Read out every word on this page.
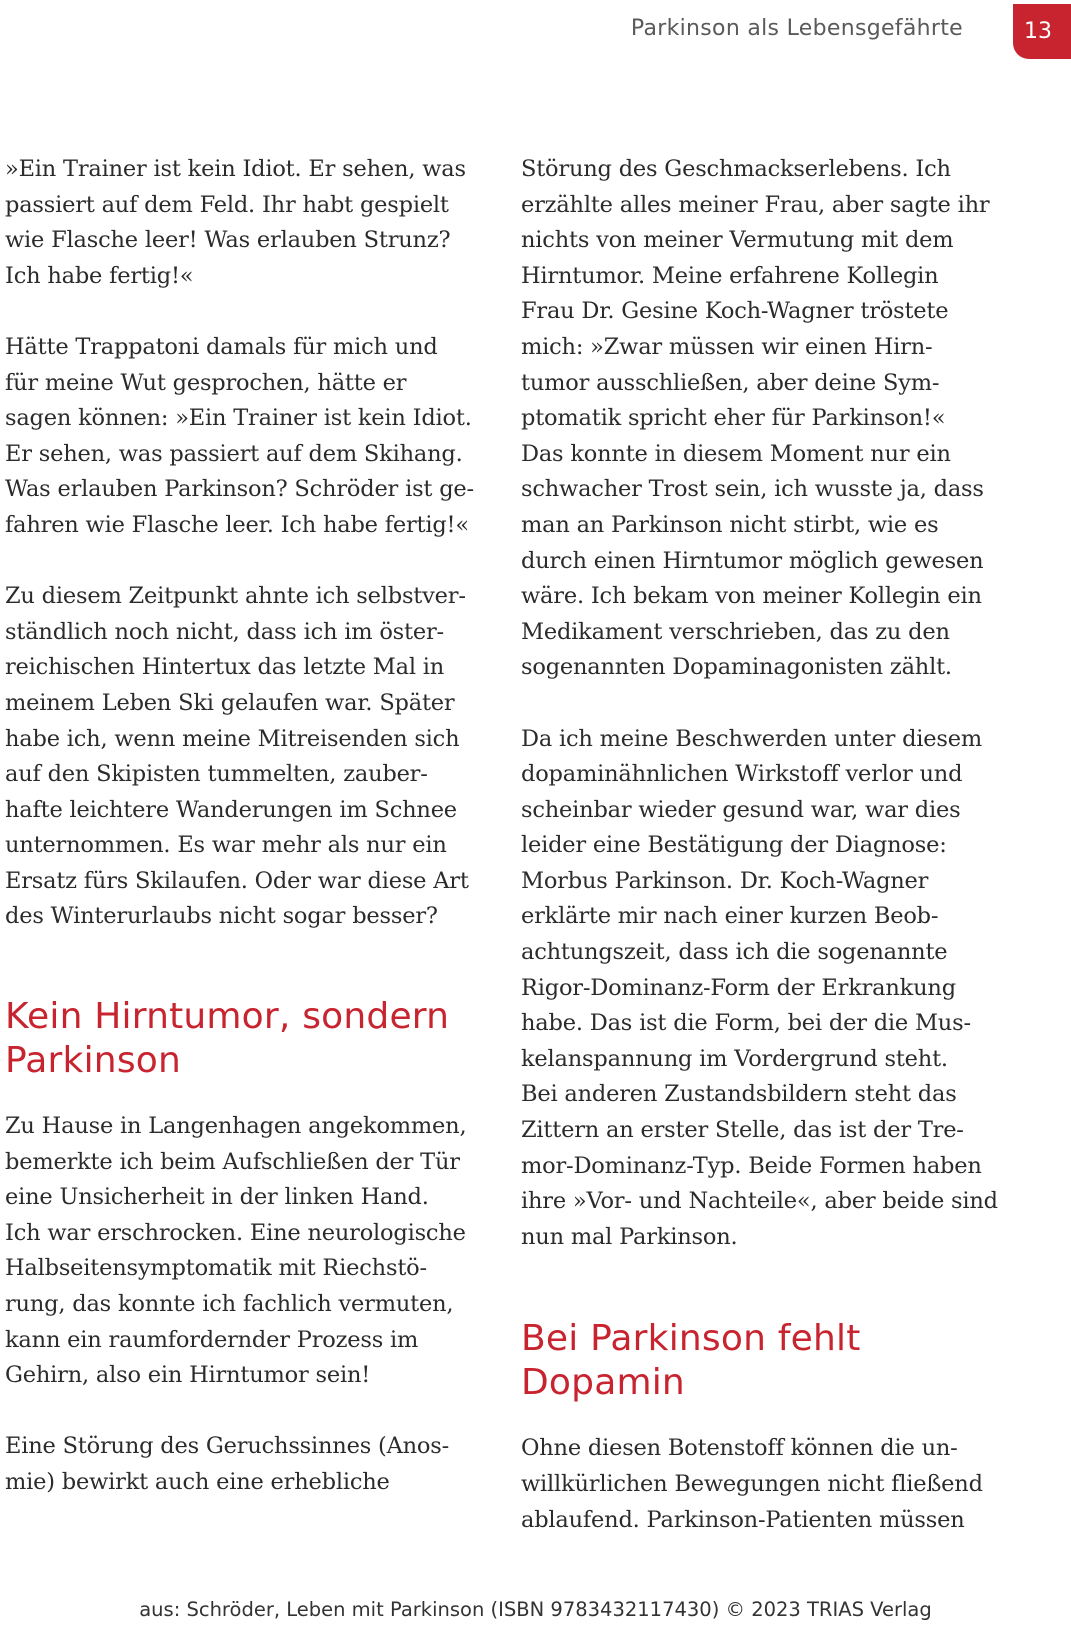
Parkinson als Lebensgefährte	13

»Ein Trainer ist kein Idiot. Er sehen, was
passiert auf dem Feld. Ihr habt gespielt
wie Flasche leer! Was erlauben Strunz?
Ich habe fertig!«

Hätte Trappatoni damals für mich und
für meine Wut gesprochen, hätte er
sagen können: »Ein Trainer ist kein Idiot.
Er sehen, was passiert auf dem Skihang.
Was erlauben Parkinson? Schröder ist ge-
fahren wie Flasche leer. Ich habe fertig!«

Zu diesem Zeitpunkt ahnte ich selbstver-
ständlich noch nicht, dass ich im öster-
reichischen Hintertux das letzte Mal in
meinem Leben Ski gelaufen war. Später
habe ich, wenn meine Mitreisenden sich
auf den Skipisten tummelten, zauber-
hafte leichtere Wanderungen im Schnee
unternommen. Es war mehr als nur ein
Ersatz fürs Skilaufen. Oder war diese Art
des Winterurlaubs nicht sogar besser?

Kein Hirntumor, sondern
Parkinson

Zu Hause in Langenhagen angekommen,
bemerkte ich beim Aufschließen der Tür
eine Unsicherheit in der linken Hand.
Ich war erschrocken. Eine neurologische
Halbseitensymptomatik mit Riechstö-
rung, das konnte ich fachlich vermuten,
kann ein raumfordernder Prozess im
Gehirn, also ein Hirntumor sein!

Eine Störung des Geruchssinnes (Anos-
mie) bewirkt auch eine erhebliche

Störung des Geschmackserlebens. Ich
erzählte alles meiner Frau, aber sagte ihr
nichts von meiner Vermutung mit dem
Hirntumor. Meine erfahrene Kollegin
Frau Dr. Gesine Koch-Wagner tröstete
mich: »Zwar müssen wir einen Hirn-
tumor ausschließen, aber deine Sym-
ptomatik spricht eher für Parkinson!«
Das konnte in diesem Moment nur ein
schwacher Trost sein, ich wusste ja, dass
man an Parkinson nicht stirbt, wie es
durch einen Hirntumor möglich gewesen
wäre. Ich bekam von meiner Kollegin ein
Medikament verschrieben, das zu den
sogenannten Dopaminagonisten zählt.

Da ich meine Beschwerden unter diesem
dopaminähnlichen Wirkstoff verlor und
scheinbar wieder gesund war, war dies
leider eine Bestätigung der Diagnose:
Morbus Parkinson. Dr. Koch-Wagner
erklärte mir nach einer kurzen Beob-
achtungszeit, dass ich die sogenannte
Rigor-Dominanz-Form der Erkrankung
habe. Das ist die Form, bei der die Mus-
kelanspannung im Vordergrund steht.
Bei anderen Zustandsbildern steht das
Zittern an erster Stelle, das ist der Tre-
mor-Dominanz-Typ. Beide Formen haben
ihre »Vor- und Nachteile«, aber beide sind
nun mal Parkinson.

Bei Parkinson fehlt Dopamin

Ohne diesen Botenstoff können die un-
willkürlichen Bewegungen nicht fließend
ablaufend. Parkinson-Patienten müssen

aus: Schröder, Leben mit Parkinson (ISBN 9783432117430) © 2023 TRIAS Verlag
